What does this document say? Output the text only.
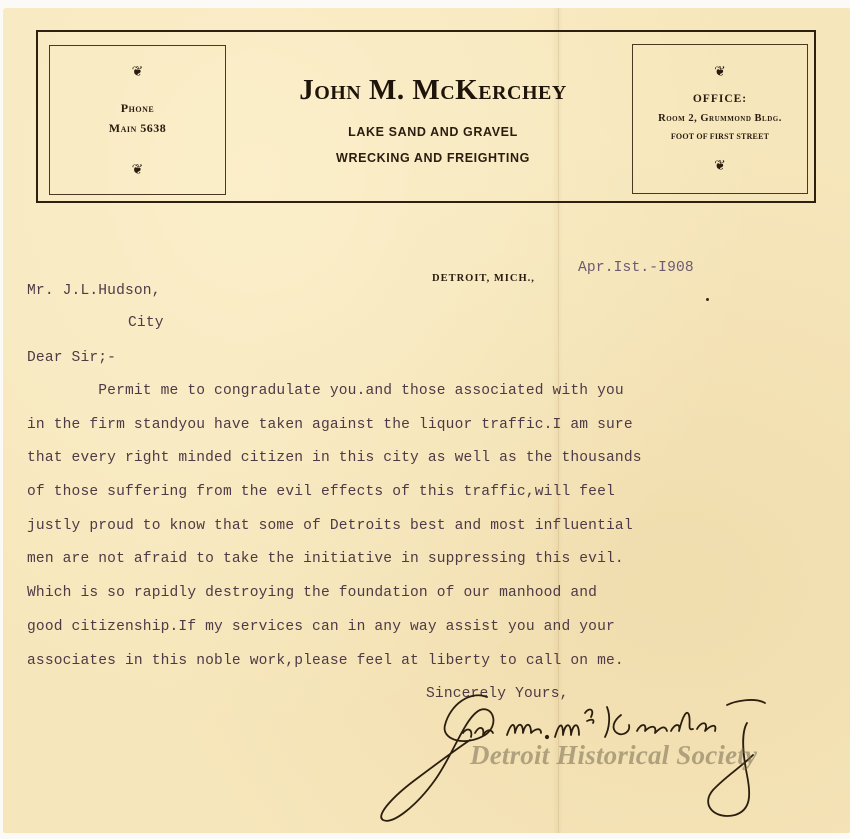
❦
Phone
Main 5638
❦
John M. McKerchey
LAKE SAND AND GRAVEL
WRECKING AND FREIGHTING
❦
OFFICE:
Room 2, Grummond Bldg.
FOOT OF FIRST STREET
❦
DETROIT, MICH.,
Apr.Ist.-I908
Mr. J.L.Hudson,
City
Dear Sir;-
Permit me to congradulate you.and those associated with you
in the firm standyou have taken against the liquor traffic.I am sure
that every right minded citizen in this city as well as the thousands
of those suffering from the evil effects of this traffic,will feel
justly proud to know that some of Detroits best and most influential
men are not afraid to take the initiative in suppressing this evil.
Which is so rapidly destroying the foundation of our manhood and
good citizenship.If my services can in any way assist you and your
associates in this noble work,please feel at liberty to call on me.
Sincerely Yours,
Detroit Historical Society
